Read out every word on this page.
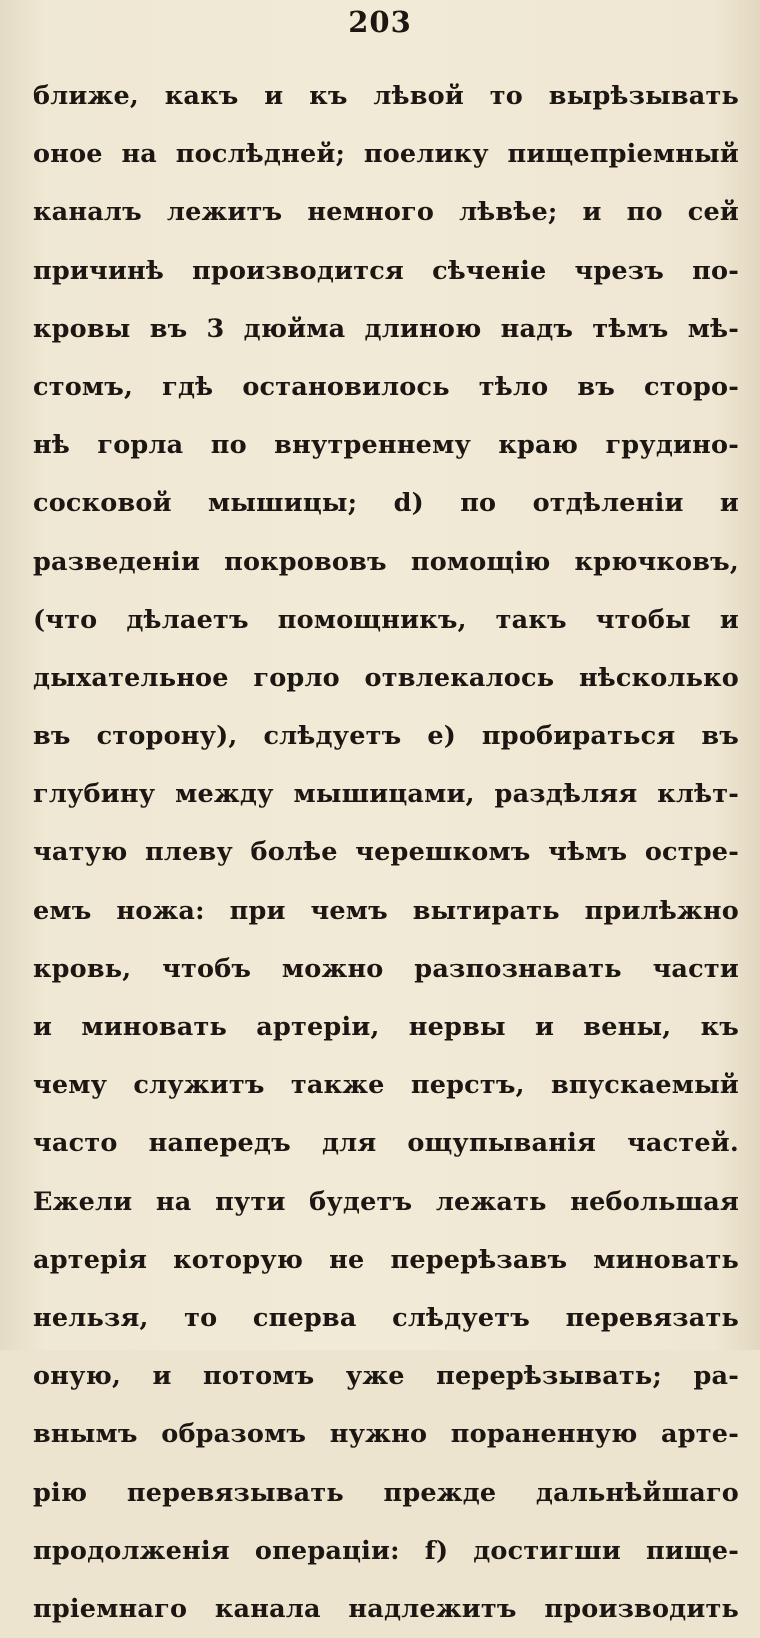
203
ближе, какъ и къ лѣвой то вырѣзывать
оное на послѣдней; поелику пищепріемный
каналъ лежитъ немного лѣвѣе; и по сей
причинѣ производится сѣченіе чрезъ по-
кровы въ 3 дюйма длиною надъ тѣмъ мѣ-
стомъ, гдѣ остановилось тѣло въ сторо-
нѣ горла по внутреннему краю грудино-
сосковой мышицы; d) по отдѣленіи и
разведеніи покрововъ помощію крючковъ,
(что дѣлаетъ помощникъ, такъ чтобы и
дыхательное горло отвлекалось нѣсколько
въ сторону), слѣдуетъ e) пробираться въ
глубину между мышицами, раздѣляя клѣт-
чатую плеву болѣе черешкомъ чѣмъ остре-
емъ ножа: при чемъ вытирать прилѣжно
кровь, чтобъ можно разпознавать части
и миновать артеріи, нервы и вены, къ
чему служитъ также перстъ, впускаемый
часто напередъ для ощупыванія частей.
Ежели на пути будетъ лежать небольшая
артерія которую не перерѣзавъ миновать
нельзя, то сперва слѣдуетъ перевязать
оную, и потомъ уже перерѣзывать; ра-
внымъ образомъ нужно пораненную арте-
рію перевязывать прежде дальнѣйшаго
продолженія операціи: f) достигши пище-
пріемнаго канала надлежитъ производить
